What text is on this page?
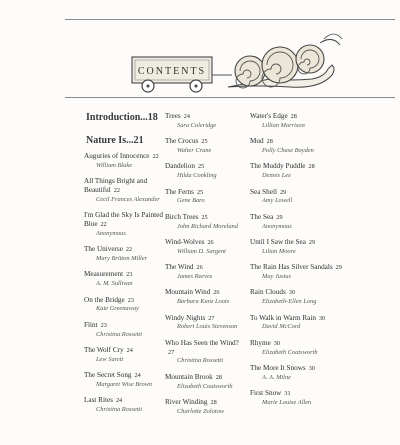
CONTENTS
Introduction...18
Nature Is...21
Auguries of Innocence 22
William Blake
All Things Bright and Beautiful 22
Cecil Frances Alexander
I'm Glad the Sky Is Painted Blue 22
Anonymous
The Universe 22
Mary Britton Miller
Measurement 23
A. M. Sullivan
On the Bridge 23
Kate Greenaway
Flint 23
Christina Rossetti
The Wolf Cry 24
Lew Sarett
The Secret Song 24
Margaret Wise Brown
Last Rites 24
Christina Rossetti
Trees 24
Sara Coleridge
The Crocus 25
Walter Crane
Dandelion 25
Hilda Conkling
The Ferns 25
Gene Baro
Birch Trees 25
John Richard Moreland
Wind-Wolves 26
William D. Sargent
The Wind 26
James Reeves
Mountain Wind 26
Barbara Kunz Loots
Windy Nights 27
Robert Louis Stevenson
Who Has Seen the Wind?27
Christina Rossetti
Mountain Brook 28
Elizabeth Coatsworth
River Winding 28
Charlotte Zolotow
Water's Edge 28
Lillian Morrison
Mud 28
Polly Chase Boyden
The Muddy Puddle 28
Dennis Lee
Sea Shell 29
Amy Lowell
The Sea 29
Anonymous
Until I Saw the Sea 29
Lilian Moore
The Rain Has Silver Sandals 29
May Justus
Rain Clouds 30
Elizabeth-Ellen Long
To Walk in Warm Rain 30
David McCord
Rhyme 30
Elizabeth Coatsworth
The More It Snows 30
A. A. Milne
First Snow 31
Marie Louise Allen
